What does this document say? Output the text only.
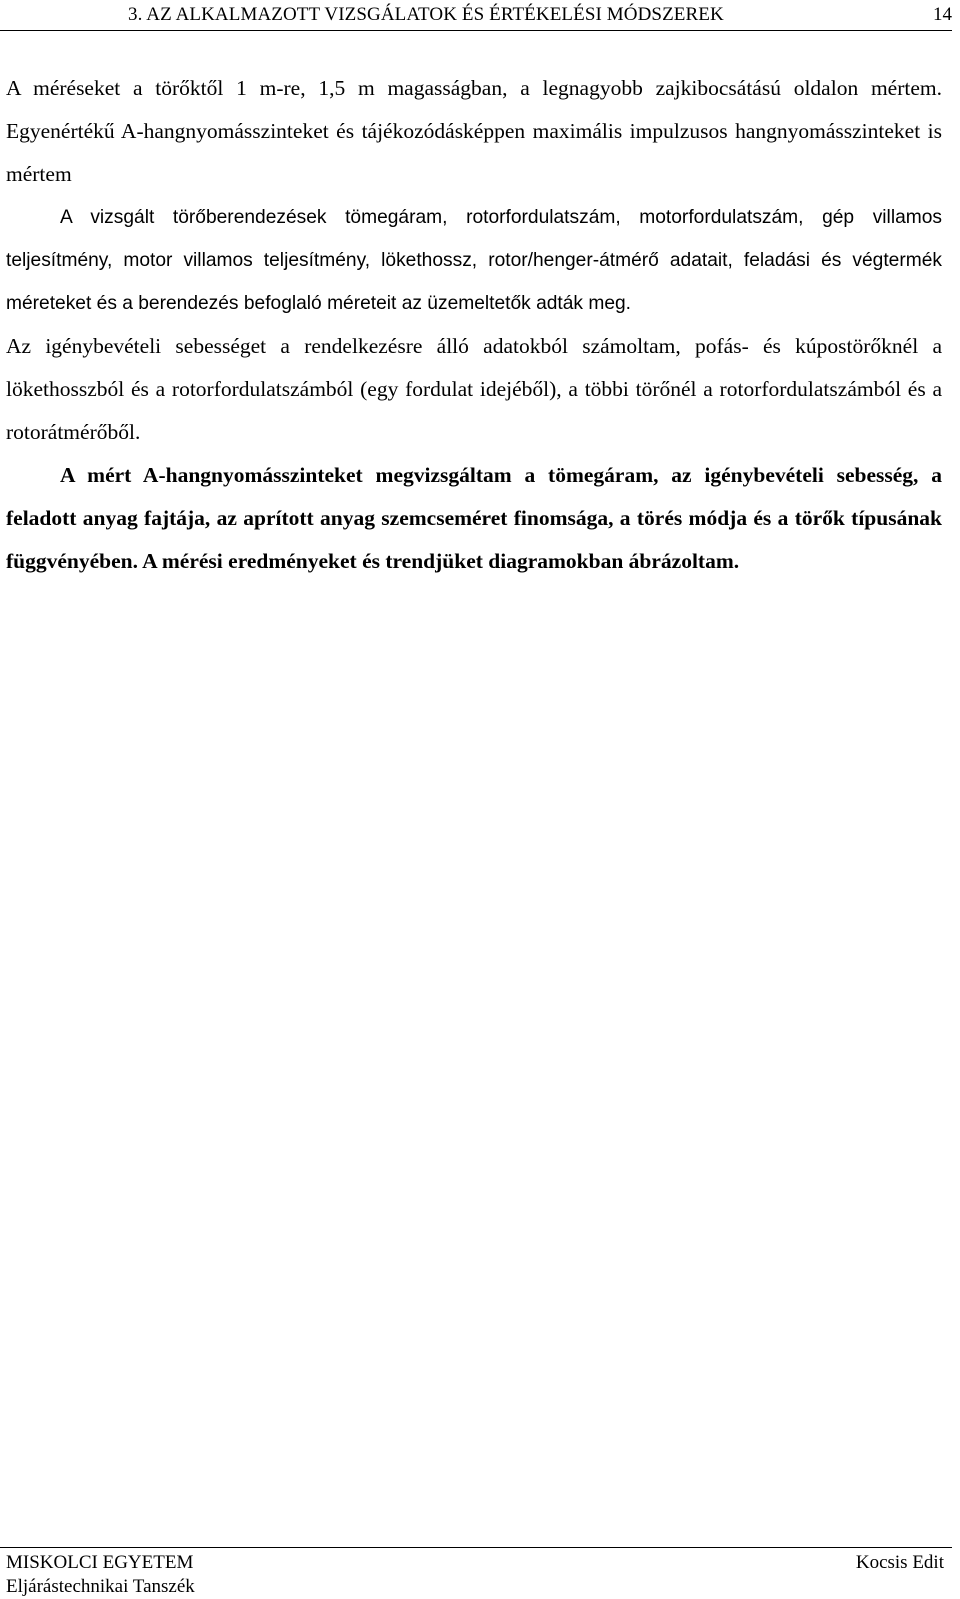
3. AZ ALKALMAZOTT VIZSGÁLATOK ÉS ÉRTÉKELÉSI MÓDSZEREK	14

A méréseket a törőktől 1 m-re, 1,5 m magasságban, a legnagyobb zajkibocsátású oldalon mértem. Egyenértékű A-hangnyomásszinteket és tájékozódásképpen maximális impulzusos hangnyomásszinteket is mértem

A vizsgált törőberendezések tömegáram, rotorfordulatszám, motorfordulatszám, gép villamos teljesítmény, motor villamos teljesítmény, lökethossz, rotor/henger-átmérő adatait, feladási és végtermék méreteket és a berendezés befoglaló méreteit az üzemeltetők adták meg.

Az igénybevételi sebességet a rendelkezésre álló adatokból számoltam, pofás- és kúpostörőknél a lökethosszból és a rotorfordulatszámból (egy fordulat idejéből), a többi törőnél a rotorfordulatszámból és a rotorátmérőből.

A mért A-hangnyomásszinteket megvizsgáltam a tömegáram, az igénybevételi sebesség, a feladott anyag fajtája, az aprított anyag szemcseméret finomsága, a törés módja és a törők típusának függvényében. A mérési eredményeket és trendjüket diagramokban ábrázoltam.

MISKOLCI EGYETEM
Eljárástechnikai Tanszék
Kocsis Edit
